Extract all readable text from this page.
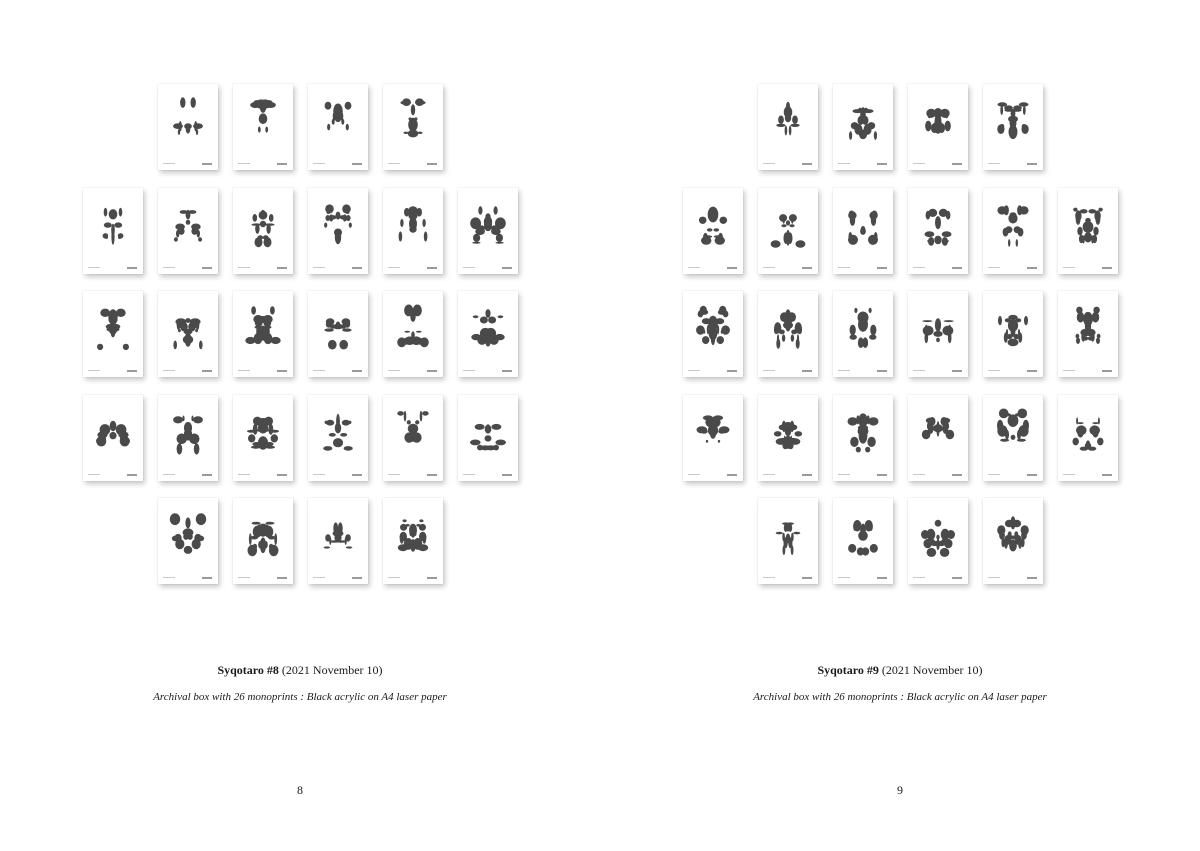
Syqotaro #8 (2021 November 10)
Archival box with 26 monoprints : Black acrylic on A4 laser paper
8
Syqotaro #9 (2021 November 10)
Archival box with 26 monoprints : Black acrylic on A4 laser paper
9
